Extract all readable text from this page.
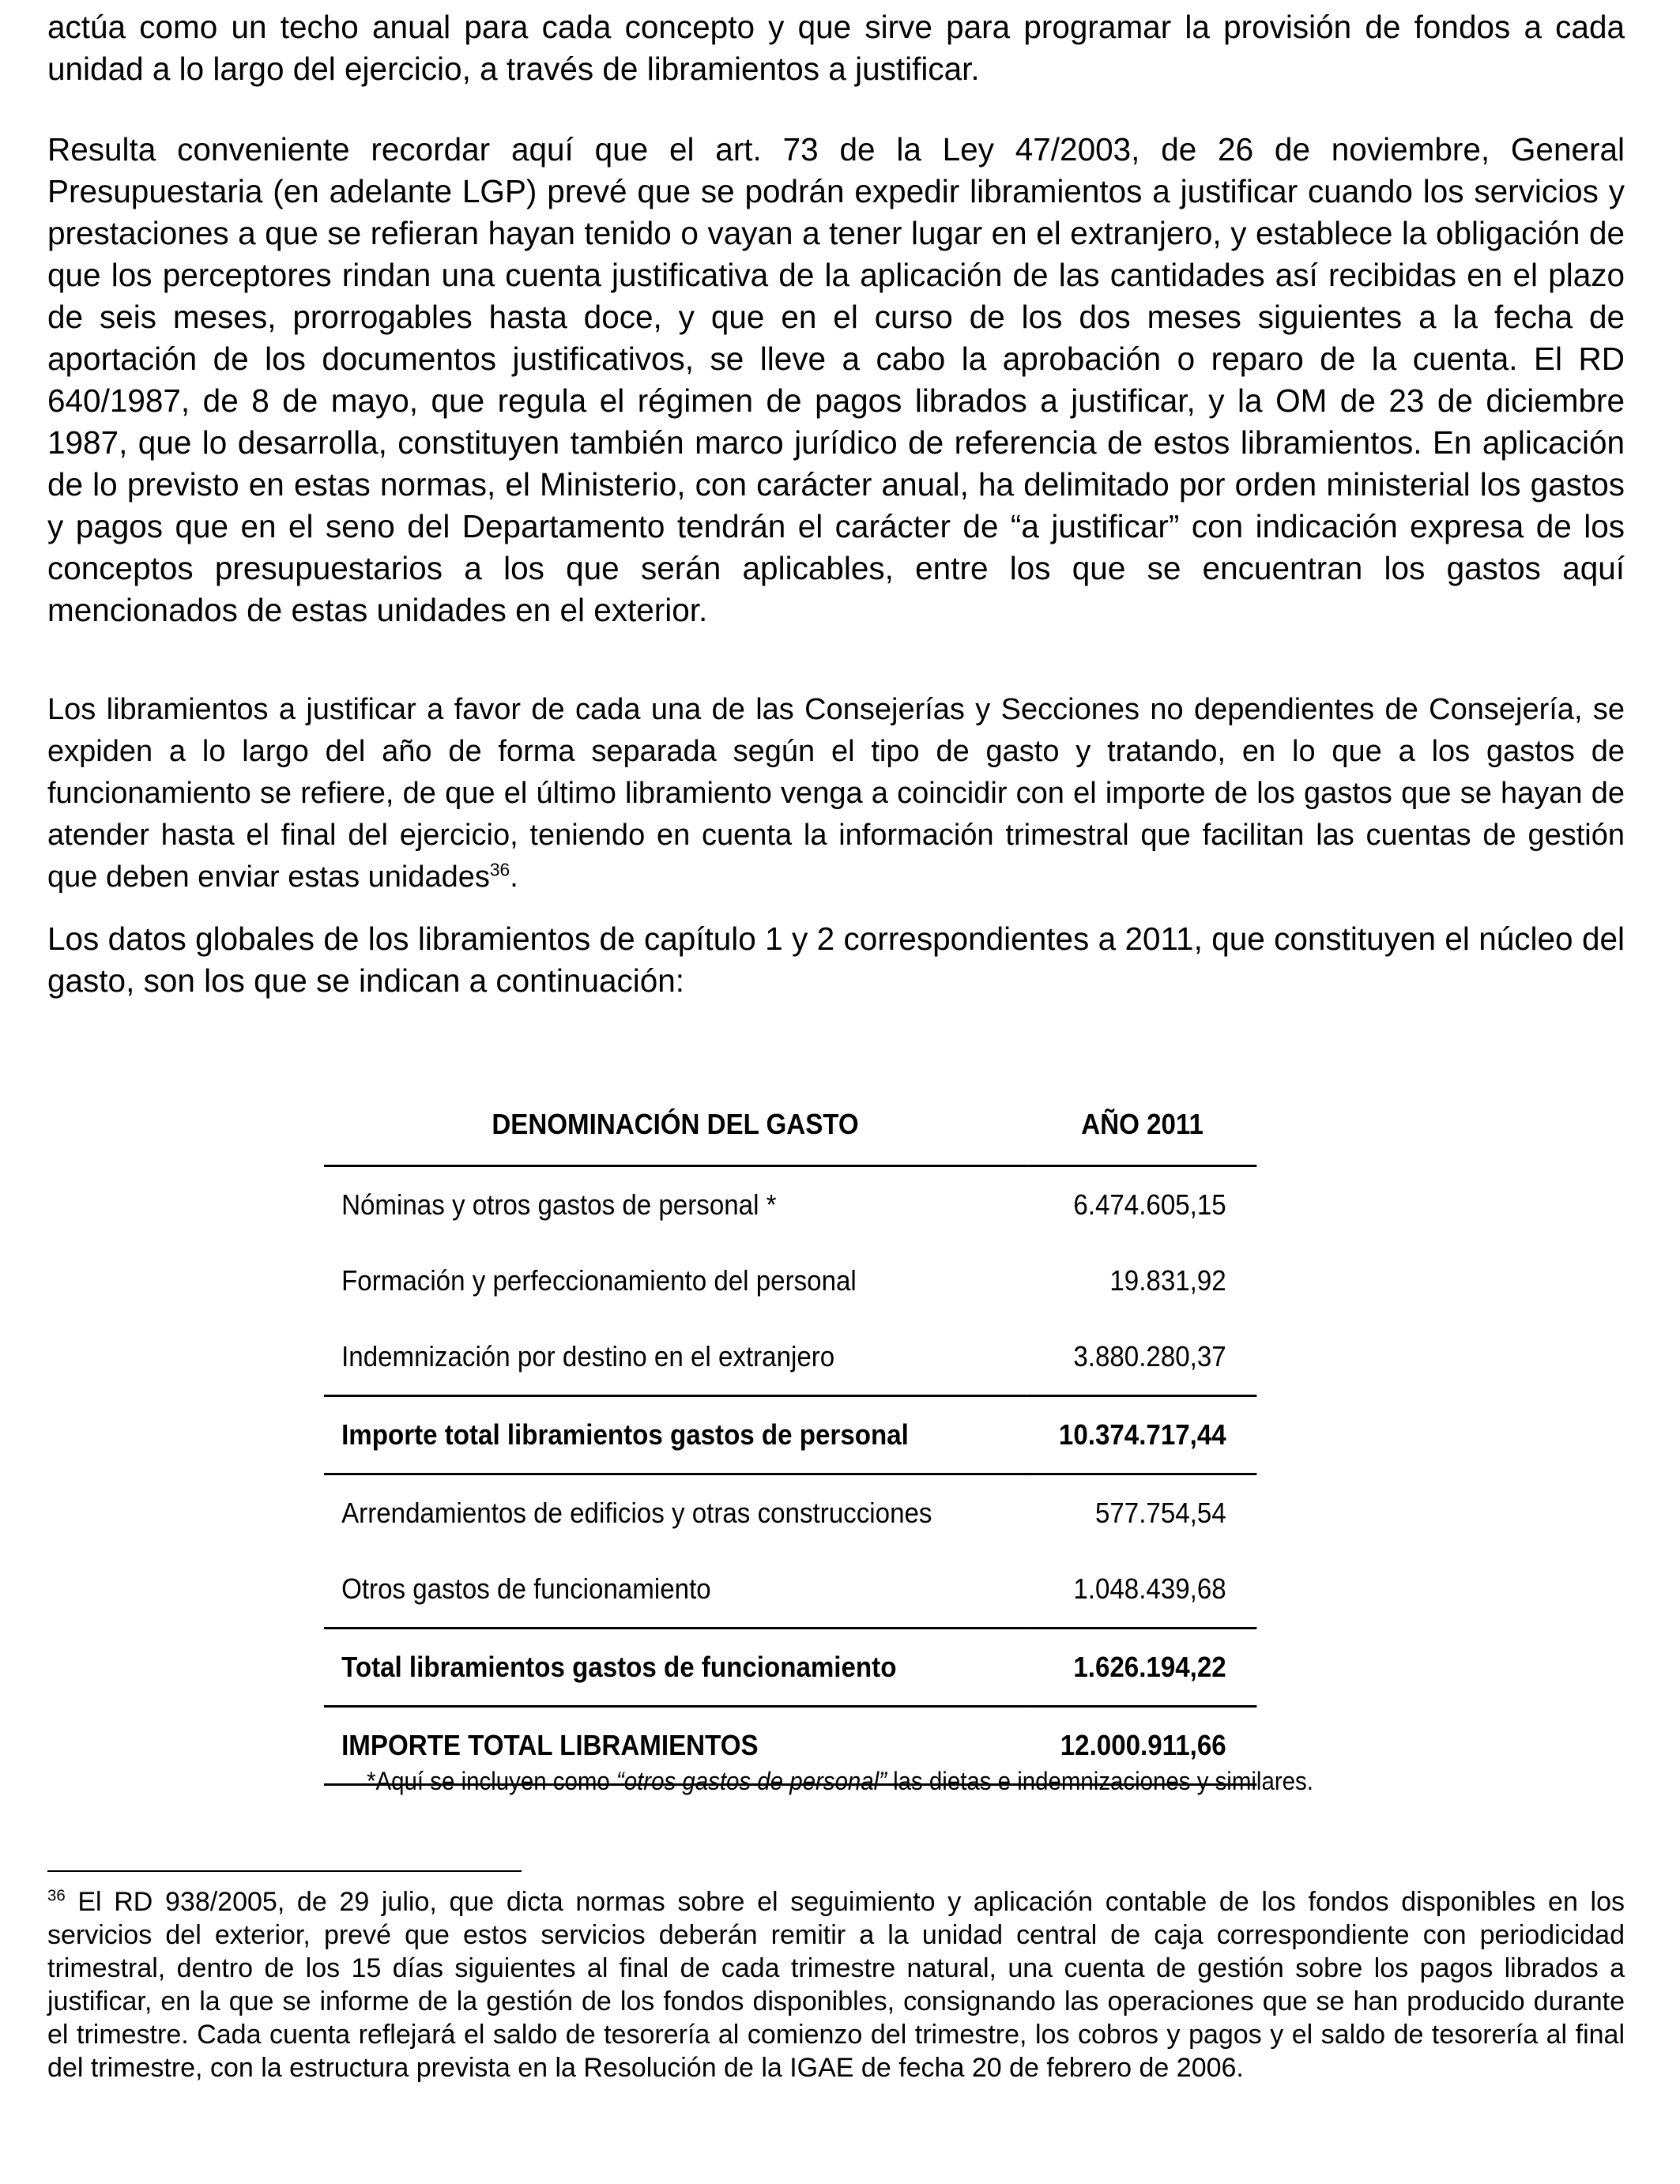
actúa como un techo anual para cada concepto y que sirve para programar la provisión de fondos a cada unidad a lo largo del ejercicio, a través de libramientos a justificar.

Resulta conveniente recordar aquí que el art. 73 de la Ley 47/2003, de 26 de noviembre, General Presupuestaria (en adelante LGP) prevé que se podrán expedir libramientos a justificar cuando los servicios y prestaciones a que se refieran hayan tenido o vayan a tener lugar en el extranjero, y establece la obligación de que los perceptores rindan una cuenta justificativa de la aplicación de las cantidades así recibidas en el plazo de seis meses, prorrogables hasta doce, y que en el curso de los dos meses siguientes a la fecha de aportación de los documentos justificativos, se lleve a cabo la aprobación o reparo de la cuenta. El RD 640/1987, de 8 de mayo, que regula el régimen de pagos librados a justificar, y la OM de 23 de diciembre 1987, que lo desarrolla, constituyen también marco jurídico de referencia de estos libramientos. En aplicación de lo previsto en estas normas, el Ministerio, con carácter anual, ha delimitado por orden ministerial los gastos y pagos que en el seno del Departamento tendrán el carácter de “a justificar” con indicación expresa de los conceptos presupuestarios a los que serán aplicables, entre los que se encuentran los gastos aquí mencionados de estas unidades en el exterior.

Los libramientos a justificar a favor de cada una de las Consejerías y Secciones no dependientes de Consejería, se expiden a lo largo del año de forma separada según el tipo de gasto y tratando, en lo que a los gastos de funcionamiento se refiere, de que el último libramiento venga a coincidir con el importe de los gastos que se hayan de atender hasta el final del ejercicio, teniendo en cuenta la información trimestral que facilitan las cuentas de gestión que deben enviar estas unidades$^{36}$.

Los datos globales de los libramientos de capítulo 1 y 2 correspondientes a 2011, que constituyen el núcleo del gasto, son los que se indican a continuación:

DENOMINACIÓN DEL GASTO	AÑO 2011
Nóminas y otros gastos de personal *	6.474.605,15
Formación y perfeccionamiento del personal	19.831,92
Indemnización por destino en el extranjero	3.880.280,37
Importe total libramientos gastos de personal	10.374.717,44
Arrendamientos de edificios y otras construcciones	577.754,54
Otros gastos de funcionamiento	1.048.439,68
Total libramientos gastos de funcionamiento	1.626.194,22
IMPORTE TOTAL LIBRAMIENTOS	12.000.911,66
*Aquí se incluyen como “otros gastos de personal” las dietas e indemnizaciones y similares.

$^{36}$ El RD 938/2005, de 29 julio, que dicta normas sobre el seguimiento y aplicación contable de los fondos disponibles en los servicios del exterior, prevé que estos servicios deberán remitir a la unidad central de caja correspondiente con periodicidad trimestral, dentro de los 15 días siguientes al final de cada trimestre natural, una cuenta de gestión sobre los pagos librados a justificar, en la que se informe de la gestión de los fondos disponibles, consignando las operaciones que se han producido durante el trimestre. Cada cuenta reflejará el saldo de tesorería al comienzo del trimestre, los cobros y pagos y el saldo de tesorería al final del trimestre, con la estructura prevista en la Resolución de la IGAE de fecha 20 de febrero de 2006.
